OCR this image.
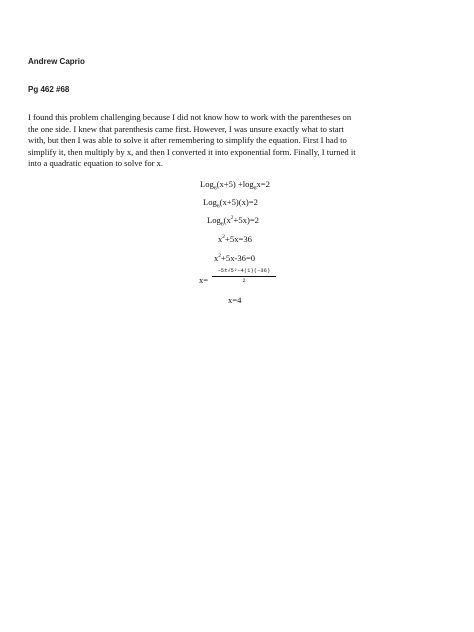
Andrew Caprio
Pg 462 #68
I found this problem challenging because I did not know how to work with the parentheses on
the one side. I knew that parenthesis came first. However, I was unsure exactly what to start
with, but then I was able to solve it after remembering to simplify the equation. First I had to
simplify it, then multiply by x, and then I converted it into exponential form. Finally, I turned it
into a quadratic equation to solve for x.
$Log_6(x+5) +\log_6x=2$
Log$_6$(x+5)(x)=2
$Log_6(x^2+5x)=2$
$x^2+5x=36$
$x^2+5x-36=0$
x=
−5±√5²−4(1)(−36)
2
x=4
